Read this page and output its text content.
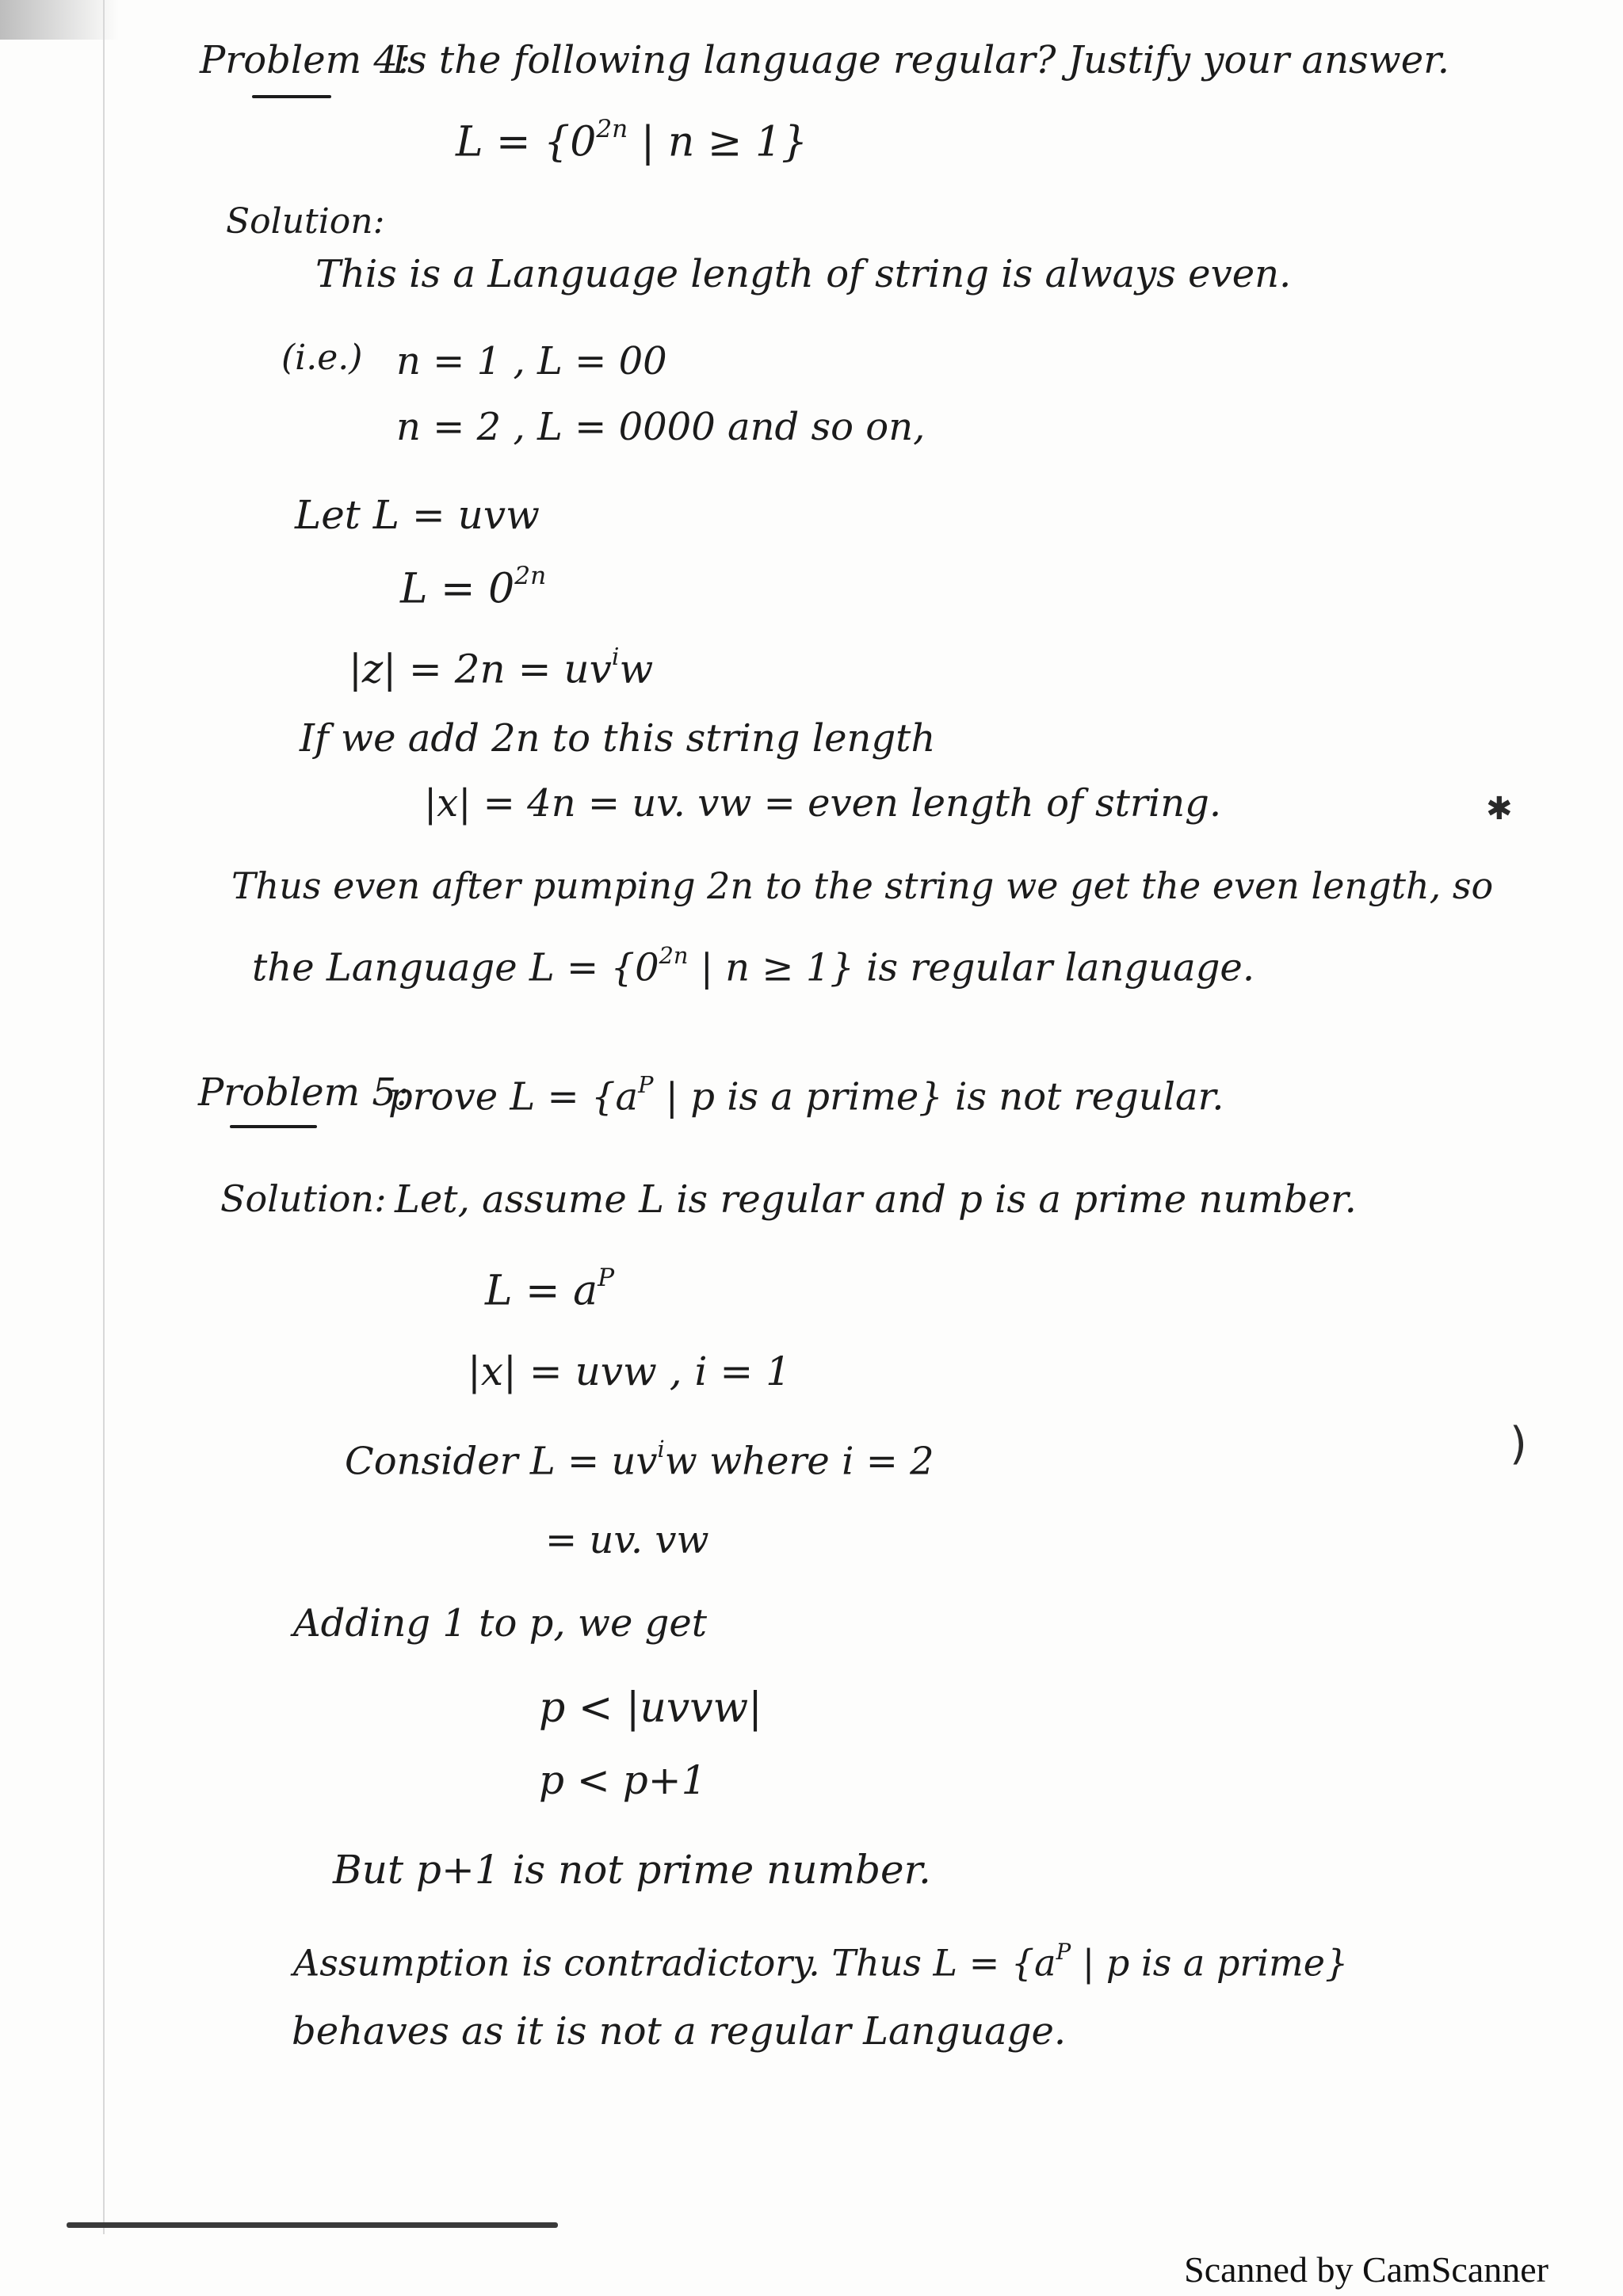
Problem 4:
Is the following language regular? Justify your answer.
$L = \{0^{2n}$ | n ≥ 1}
Solution:
This is a Language length of string is always even.
(i.e.) n = 1 , L = 00
n = 2 , L = 0000 and so on,
Let L = uvw
$L = 0^{2n}$
$|z| = 2n = uv^iw$
If we add 2n to this string length
|x| = 4n = uv. vw = even length of string.
Thus even after pumping 2n to the string we get the even length, so
the Language $L = \{0^{2n}$ | n ≥ 1} is regular language.
Problem 5:
prove $L = \{a^P$ | p is a prime} is not regular.
Solution: Let, assume L is regular and p is a prime number.
$L = a^P$
|x| = uvw , i = 1
Consider $L = uv^iw$ where i = 2
= uv. vw
Adding 1 to p, we get
p < |uvvw|
p < p+1
But p+1 is not prime number.
Assumption is contradictory. Thus $L = \{a^P$ | p is a prime}
behaves as it is not a regular Language.
✱
)
Scanned by CamScanner
